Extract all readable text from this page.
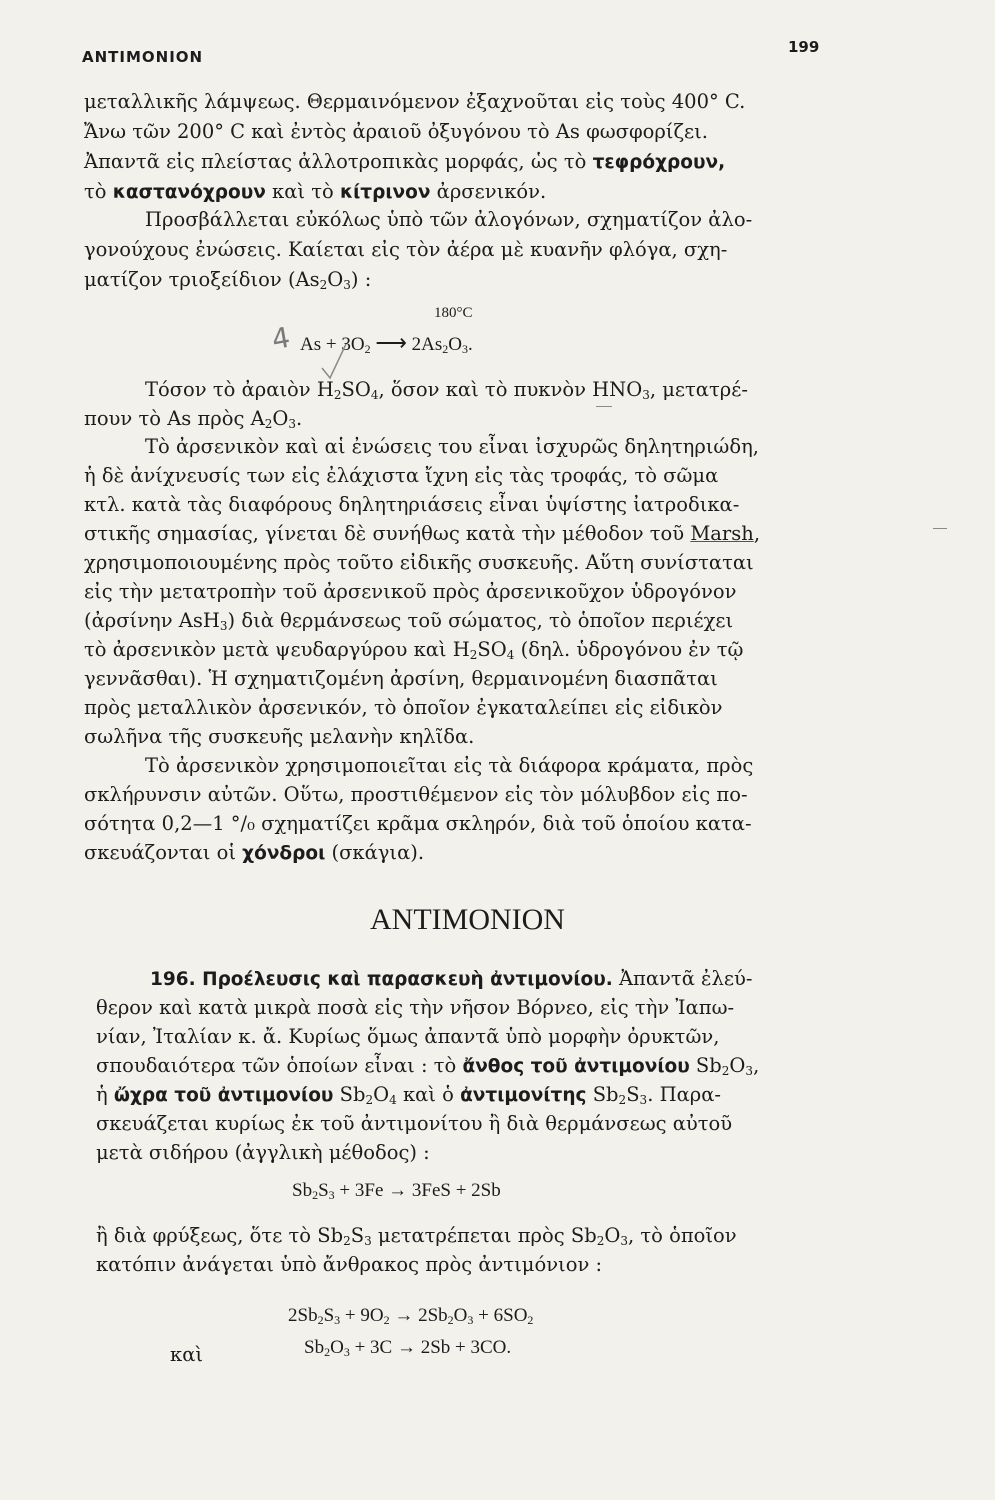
ΑΝΤΙΜΟΝΙΟΝ
199
μεταλλικῆς λάμψεως. Θερμαινόμενον ἐξαχνοῦται εἰς τοὺς 400° C.
Ἄνω τῶν 200° C καὶ ἐντὸς ἀραιοῦ ὀξυγόνου τὸ As φωσφορίζει.
Ἀπαντᾶ εἰς πλείστας ἀλλοτροπικὰς μορφάς, ὡς τὸ τεφρόχρουν,
τὸ καστανόχρουν καὶ τὸ κίτρινον ἀρσενικόν.
Προσβάλλεται εὐκόλως ὑπὸ τῶν ἀλογόνων, σχηματίζον ἀλο-
γονούχους ἐνώσεις. Καίεται εἰς τὸν ἀέρα μὲ κυανῆν φλόγα, σχη-
ματίζον τριοξείδιον $(As_2O_3)$ :
180°C
4 $As + 3O_2$ ⟶ $2As_2O_3$.
Τόσον τὸ ἀραιὸν $H_2SO_4$, ὅσον καὶ τὸ πυκνὸν $HNO_3$, μετατρέ-
πουν τὸ As πρὸς $A_2O_3$.
Τὸ ἀρσενικὸν καὶ αἱ ἐνώσεις του εἶναι ἰσχυρῶς δηλητηριώδη,
ἡ δὲ ἀνίχνευσίς των εἰς ἐλάχιστα ἴχνη εἰς τὰς τροφάς, τὸ σῶμα
κτλ. κατὰ τὰς διαφόρους δηλητηριάσεις εἶναι ὑψίστης ἰατροδικα-
στικῆς σημασίας, γίνεται δὲ συνήθως κατὰ τὴν μέθοδον τοῦ Marsh,
χρησιμοποιουμένης πρὸς τοῦτο εἰδικῆς συσκευῆς. Αὕτη συνίσταται
εἰς τὴν μετατροπὴν τοῦ ἀρσενικοῦ πρὸς ἀρσενικοῦχον ὑδρογόνον
(ἀρσίνην AsH$_3$) διὰ θερμάνσεως τοῦ σώματος, τὸ ὁποῖον περιέχει
τὸ ἀρσενικὸν μετὰ ψευδαργύρου καὶ $H_2SO_4$ (δηλ. ὑδρογόνου ἐν τῷ
γεννᾶσθαι). Ἡ σχηματιζομένη ἀρσίνη, θερμαινομένη διασπᾶται
πρὸς μεταλλικὸν ἀρσενικόν, τὸ ὁποῖον ἐγκαταλείπει εἰς εἰδικὸν
σωλῆνα τῆς συσκευῆς μελανὴν κηλῖδα.
Τὸ ἀρσενικὸν χρησιμοποιεῖται εἰς τὰ διάφορα κράματα, πρὸς
σκλήρυνσιν αὐτῶν. Οὕτω, προστιθέμενον εἰς τὸν μόλυβδον εἰς πο-
σότητα 0,2—1 °/₀ σχηματίζει κρᾶμα σκληρόν, διὰ τοῦ ὁποίου κατα-
σκευάζονται οἱ χόνδροι (σκάγια).
ΑΝΤΙΜΟΝΙΟΝ
196. Προέλευσις καὶ παρασκευὴ ἀντιμονίου. Ἀπαντᾶ ἐλεύ-
θερον καὶ κατὰ μικρὰ ποσὰ εἰς τὴν νῆσον Βόρνεο, εἰς τὴν Ἰαπω-
νίαν, Ἰταλίαν κ. ἄ. Κυρίως ὅμως ἀπαντᾶ ὑπὸ μορφὴν ὀρυκτῶν,
σπουδαιότερα τῶν ὁποίων εἶναι : τὸ ἄνθος τοῦ ἀντιμονίου $Sb_2O_3$,
ἡ ὤχρα τοῦ ἀντιμονίου $Sb_2O_4$ καὶ ὁ ἀντιμονίτης $Sb_2S_3$. Παρα-
σκευάζεται κυρίως ἐκ τοῦ ἀντιμονίτου ἢ διὰ θερμάνσεως αὐτοῦ
μετὰ σιδήρου (ἀγγλικὴ μέθοδος) :
$Sb_2S_3 + 3Fe \to 3FeS + 2Sb$
ἢ διὰ φρύξεως, ὅτε τὸ $Sb_2S_3$ μετατρέπεται πρὸς $Sb_2O_3$, τὸ ὁποῖον
κατόπιν ἀνάγεται ὑπὸ ἄνθρακος πρὸς ἀντιμόνιον :
$2Sb_2S_3 + 9O_2 \to 2Sb_2O_3 + 6SO_2$
καὶ	$Sb_2O_3 + 3C \to 2Sb + 3CO$.
